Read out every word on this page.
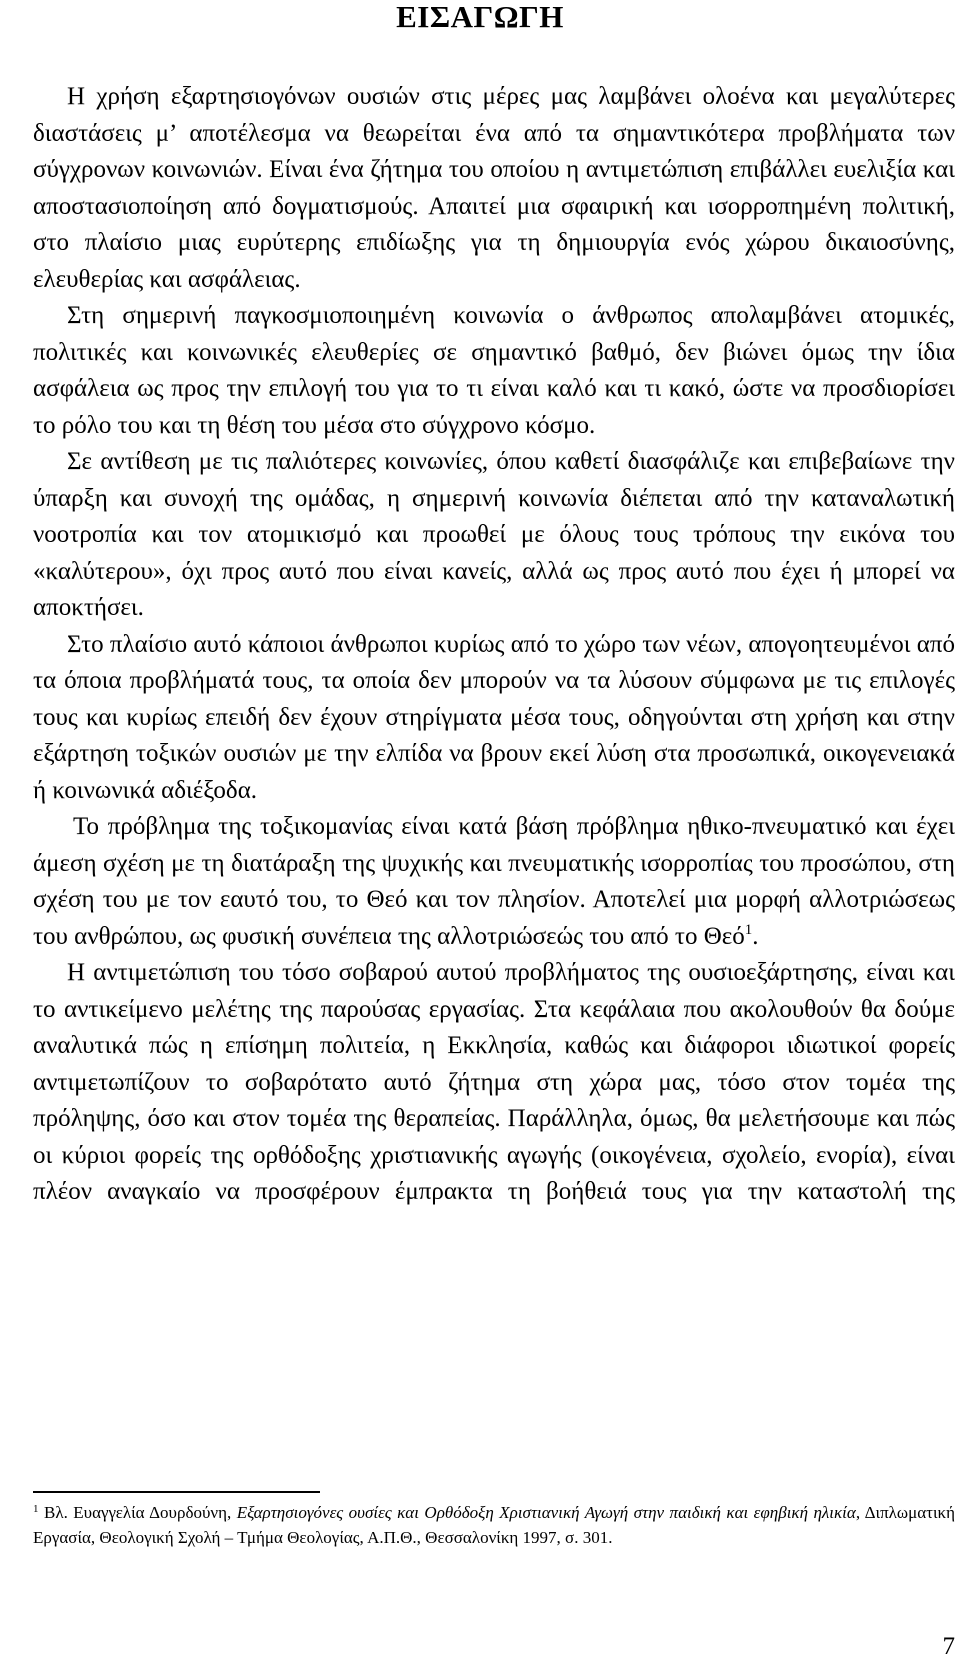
ΕΙΣΑΓΩΓΗ

Η χρήση εξαρτησιογόνων ουσιών στις μέρες μας λαμβάνει ολοένα και μεγαλύτερες διαστάσεις μ’ αποτέλεσμα να θεωρείται ένα από τα σημαντικότερα προβλήματα των σύγχρονων κοινωνιών. Είναι ένα ζήτημα του οποίου η αντιμετώπιση επιβάλλει ευελιξία και αποστασιοποίηση από δογματισμούς. Απαιτεί μια σφαιρική και ισορροπημένη πολιτική, στο πλαίσιο μιας ευρύτερης επιδίωξης για τη δημιουργία ενός χώρου δικαιοσύνης, ελευθερίας και ασφάλειας.

Στη σημερινή παγκοσμιοποιημένη κοινωνία ο άνθρωπος απολαμβάνει ατομικές, πολιτικές και κοινωνικές ελευθερίες σε σημαντικό βαθμό, δεν βιώνει όμως την ίδια ασφάλεια ως προς την επιλογή του για το τι είναι καλό και τι κακό, ώστε να προσδιορίσει το ρόλο του και τη θέση του μέσα στο σύγχρονο κόσμο.

Σε αντίθεση με τις παλιότερες κοινωνίες, όπου καθετί διασφάλιζε και επιβεβαίωνε την ύπαρξη και συνοχή της ομάδας, η σημερινή κοινωνία διέπεται από την καταναλωτική νοοτροπία και τον ατομικισμό και προωθεί με όλους τους τρόπους την εικόνα του «καλύτερου», όχι προς αυτό που είναι κανείς, αλλά ως προς αυτό που έχει ή μπορεί να αποκτήσει.

Στο πλαίσιο αυτό κάποιοι άνθρωποι κυρίως από το χώρο των νέων, απογοητευμένοι από τα όποια προβλήματά τους, τα οποία δεν μπορούν να τα λύσουν σύμφωνα με τις επιλογές τους και κυρίως επειδή δεν έχουν στηρίγματα μέσα τους, οδηγούνται στη χρήση και στην εξάρτηση τοξικών ουσιών με την ελπίδα να βρουν εκεί λύση στα προσωπικά, οικογενειακά ή κοινωνικά αδιέξοδα.

Το πρόβλημα της τοξικομανίας είναι κατά βάση πρόβλημα ηθικο-πνευματικό και έχει άμεση σχέση με τη διατάραξη της ψυχικής και πνευματικής ισορροπίας του προσώπου, στη σχέση του με τον εαυτό του, το Θεό και τον πλησίον. Αποτελεί μια μορφή αλλοτριώσεως του ανθρώπου, ως φυσική συνέπεια της αλλοτριώσεώς του από το Θεό$^1$.

Η αντιμετώπιση του τόσο σοβαρού αυτού προβλήματος της ουσιοεξάρτησης, είναι και το αντικείμενο μελέτης της παρούσας εργασίας. Στα κεφάλαια που ακολουθούν θα δούμε αναλυτικά πώς η επίσημη πολιτεία, η Εκκλησία, καθώς και διάφοροι ιδιωτικοί φορείς αντιμετωπίζουν το σοβαρότατο αυτό ζήτημα στη χώρα μας, τόσο στον τομέα της πρόληψης, όσο και στον τομέα της θεραπείας. Παράλληλα, όμως, θα μελετήσουμε και πώς οι κύριοι φορείς της ορθόδοξης χριστιανικής αγωγής (οικογένεια, σχολείο, ενορία), είναι πλέον αναγκαίο να προσφέρουν έμπρακτα τη βοήθειά τους για την καταστολή της

$^1$ Βλ. Ευαγγελία Δουρδούνη, Εξαρτησιογόνες ουσίες και Ορθόδοξη Χριστιανική Αγωγή στην παιδική και εφηβική ηλικία, Διπλωματική Εργασία, Θεολογική Σχολή – Τμήμα Θεολογίας, Α.Π.Θ., Θεσσαλονίκη 1997, σ. 301.
7
